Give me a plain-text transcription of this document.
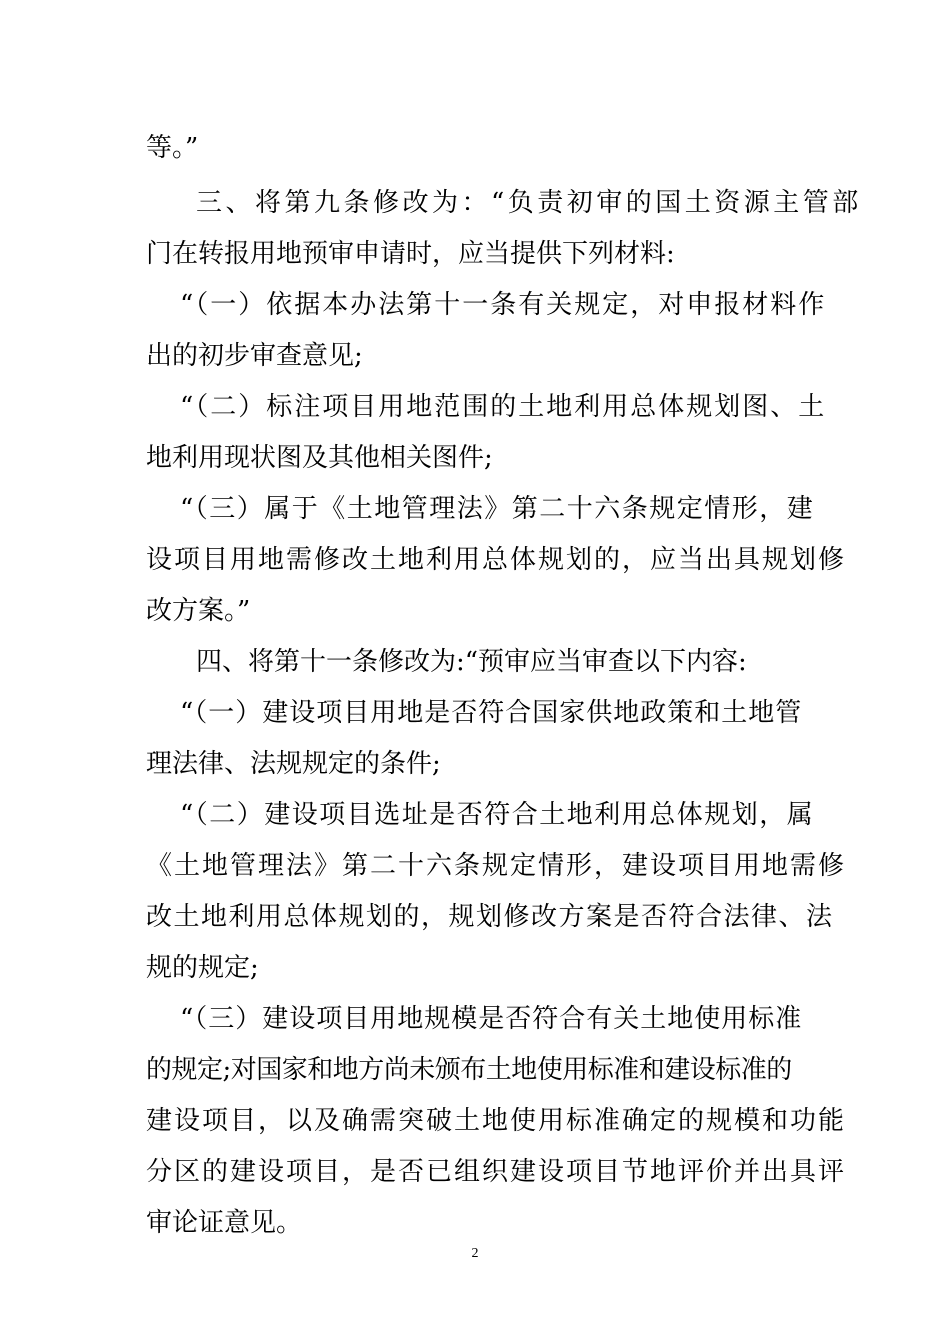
等。”
三、将第九条修改为：“负责初审的国土资源主管部
门在转报用地预审申请时，应当提供下列材料:
“（一）依据本办法第十一条有关规定，对申报材料作
出的初步审查意见;
“（二）标注项目用地范围的土地利用总体规划图、土
地利用现状图及其他相关图件;
“（三）属于《土地管理法》第二十六条规定情形，建
设项目用地需修改土地利用总体规划的，应当出具规划修
改方案。”
四、将第十一条修改为:“预审应当审查以下内容:
“（一）建设项目用地是否符合国家供地政策和土地管
理法律、法规规定的条件;
“（二）建设项目选址是否符合土地利用总体规划，属
《土地管理法》第二十六条规定情形，建设项目用地需修
改土地利用总体规划的，规划修改方案是否符合法律、法
规的规定;
“（三）建设项目用地规模是否符合有关土地使用标准
的规定;对国家和地方尚未颁布土地使用标准和建设标准的
建设项目，以及确需突破土地使用标准确定的规模和功能
分区的建设项目，是否已组织建设项目节地评价并出具评
审论证意见。
2
